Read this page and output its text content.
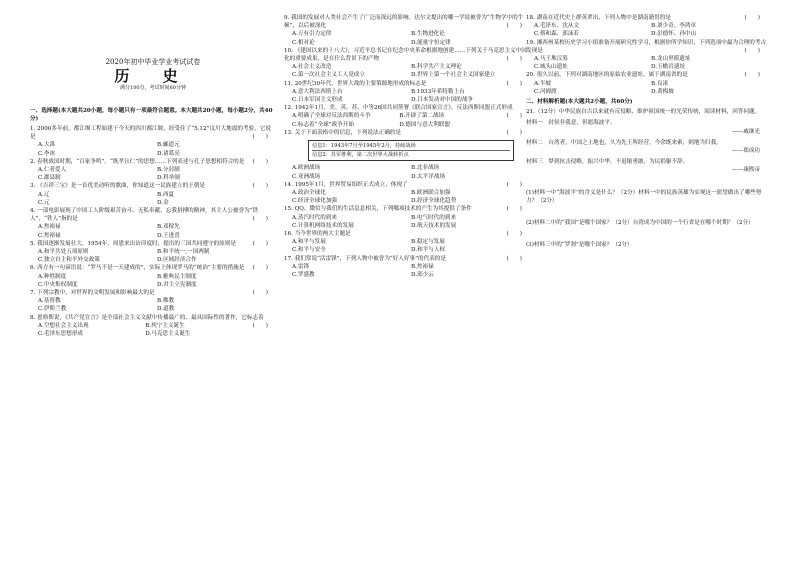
2020年初中毕业学业考试试卷
历 史
满分100分，考试时间60分钟
一、选择题(本大题共20小题，每小题只有一项最符合题意。本大题共20小题，每小题2分，共40分)
1. 2000多年前，都江堰工程始建于今天的四川都江堰，经受住了“5.12”汶川大地震的考验，它说是	(　　)
A.大禹	B.郦道元
C.李冰	D.诸葛亮
2. 春秋战国时期，“百家争鸣”。“既孝且仁”的思想……下列表述与孔子思想相符合的是 (　　)
A.仁者爱人	B.分封制
C.郡县制	D.科举制
3. 《吉祥三宝》是一首优美动听的歌曲，你知道这一民族建立的王朝是	(　　)
A.辽	B.西夏
C.元	D.金
4. 一部电影展现了中国工人阶级艰苦奋斗、无私奉献、忘我拼搏的精神，其主人公被誉为“铁人”，“铁人”指的是	(　　)
A.焦裕禄	B.邓稼先
C.焦裕禄	D.王进喜
5. 我国逐渐发展壮大，1954年，周恩来出访印度时，提出的三国共同遵守的原则是	(　　)
A.和平共处五项原则	B.和平统一,一国两制
C.独立自主和平外交政策	D.区域经济合作
6. 西方有一句谚语说：“罗马不是一天建成的”，实际上体现罗马的“统治”主要的措施是 (　　)
A.种姓制度	B.雅典民主制度
C.中央集权制度	D.君主立宪制度
7. 下列宗教中，对世界的文明发展和影响最大的是	(　　)
A.基督教	B.佛教
C.伊斯兰教	D.道教
8. 恩格斯说，《共产党宣言》是全部社会主义文献中传播最广的、最具国际性的著作，它标志着
(　　)
A.空想社会主义出现	B.列宁主义诞生
C.毛泽东思想形成	D.马克思主义诞生
9. 我国的发展对人类社会产生了广泛而深远的影响。达尔文提出的哪一学说被誉为“生物学中的牛顿”，以后被深化	(　　)
A.万有引力定律	B.生物进化论
C.相对论	D.能量守恒定律
10. 《建国以来的十八大》，习近平总书记在纪念中央革命根据地创建……下列关于马克思主义中国化的重要成果，是在什么背景下的产物	(　　)
A.社会主义改造	B.科学共产主义理论
C.第一次社会主义工人党成立	D.世界上第一个社会主义国家建立
11. 20世纪30年代，世界大战的主要策源地形成的标志是	(　　)
A.意大利法西斯上台	B.1933年希特勒上台
C.日本军国主义形成	D.日本发动对中国的战争
12. 1942年1月，美、英、苏、中等26国共同签署《联合国家宣言》，反法西斯同盟正式形成
(　　)
A.明确了全球对反法西斯的斗争	B.开辟了第二战场
C.标志着“全球”战争开始	D.德国与意大利联盟
13. 关于下面表格中的信息，下列说法正确的是	(　　)
信息1：1943年7月至1945年2月，持续战场
信息2：苏军胜利，第二次世界大战转折点
A.欧洲战场	B.北非战场
C.亚洲战场	D.太平洋战场
14. 1995年1月，世界贸易组织正式成立，体现了	(　　)
A.政治全球化	B.欧洲联合加强
C.经济全球化加强	D.经济全球化趋势
15. QQ、微信与我们的生活息息相关，下列哪项技术的产生为其提供了条件	(　　)
A.蒸汽时代的到来	B.电气时代的到来
C.计算机网络技术的发展	D.航天技术的发展
16. 当今世界的两大主题是	(　　)
A.和平与发展	B.稳定与发展
C.和平与安全	D.和平与人权
17. 我们常说“活雷锋”，下列人物中被誉为“好人好事”的代表的是	(　　)
A.雷锋	B.焦裕禄
C.罗盛教	D.邱少云
18. 湖南在近代史上群英辈出，下列人物中是湖南籍贯的是	(　　)
A.毛泽东、沈从文	B.刘少奇、李鸿章
C.蔡和森、郭沫若	D.彭德怀、孙中山
19. 湘西州某校历史学习小组准备开展研究性学习，根据你所学知识，下列选项中最为合理的考古发现是	(　　)
A.马王堆汉墓	B.龙山里耶遗址
C.城头山遗址	D.玉蟾岩遗址
20. 很久以前，下列对湖南地区的原始农业遗址，属于湖南省的是	(　　)
A.半坡	B.良渚
C.河姆渡	D.黄梅坡
二、材料解析题(本大题共2小题，共60分)
21.（12分）中华民族自古以来就有反侵略、维护祖国统一的光荣传统，阅读材料，回答问题。
材料一　 封侯非我意，但愿海波平。
——戚继光
材料二　 台湾者，中国之土地也，久为先王所经营，今余既来索，则地当归我。
——郑成功
材料三　 梦到抗击侵略，振兴中华，不退缩勇敢，为民捐躯不辞。
——康熙帝
(1)材料一中“海波平”的含义是什么？（2分）材料一中的民族英雄为实现这一愿望做出了哪些努力？（2分）
(2)材料二中的“我国”是哪个国家？（2分）台湾成为中国的一个行省是在哪个时期？（2分）
(3)材料三中的“罗刹”是哪个国家？（2分）
